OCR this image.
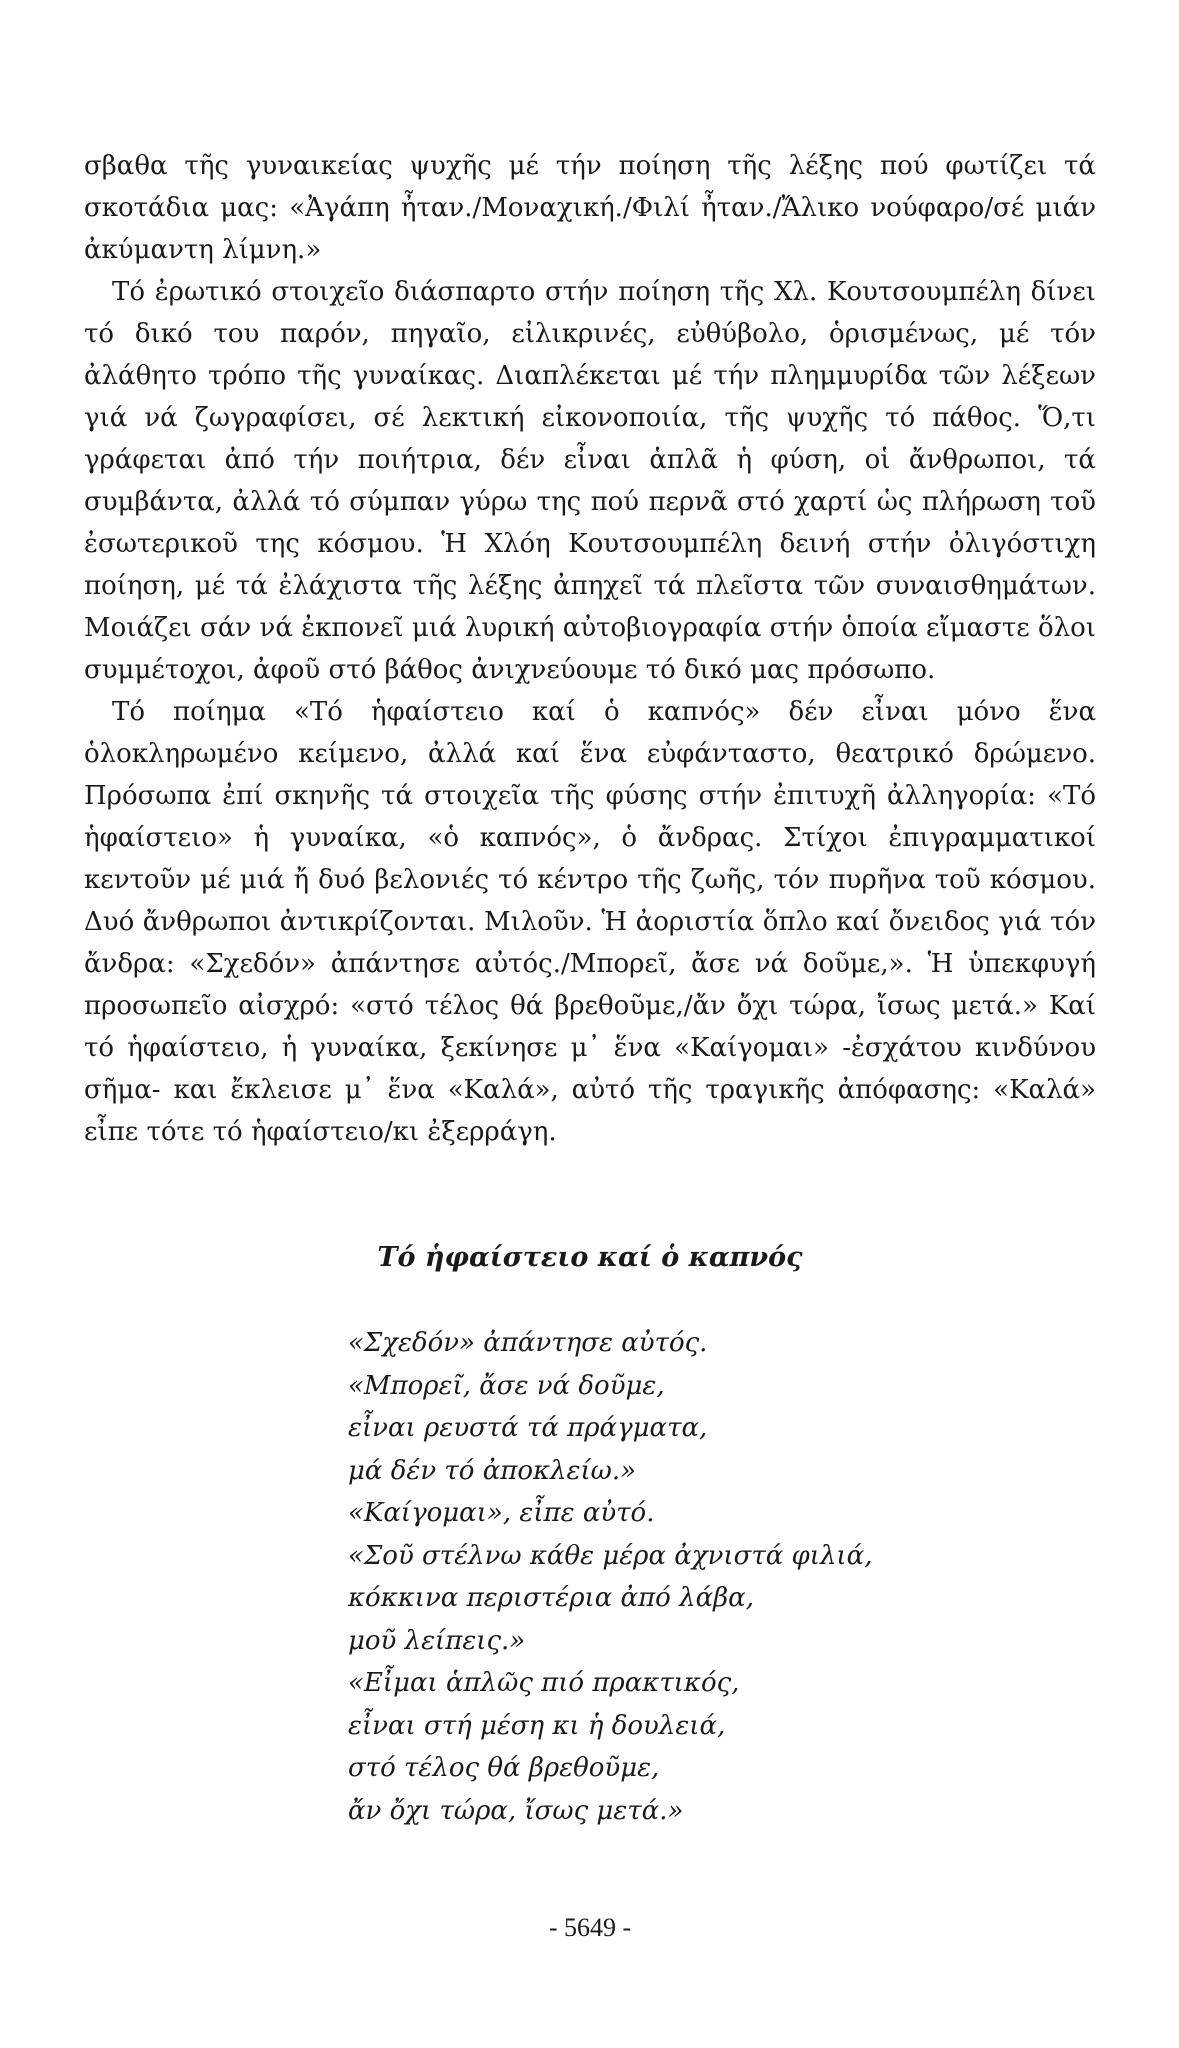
σβαθα τῆς γυναικείας ψυχῆς μέ τήν ποίηση τῆς λέξης πού φωτίζει τά σκοτάδια μας: «Ἀγάπη ἦταν./Μοναχική./Φιλί ἦταν./Ἄλικο νούφαρο/σέ μιάν ἀκύμαντη λίμνη.»

Τό ἐρωτικό στοιχεῖο διάσπαρτο στήν ποίηση τῆς Χλ. Κουτσουμπέλη δίνει τό δικό του παρόν, πηγαῖο, εἰλικρινές, εὐθύβολο, ὁρισμένως, μέ τόν ἀλάθητο τρόπο τῆς γυναίκας. Διαπλέκεται μέ τήν πλημμυρίδα τῶν λέξεων γιά νά ζωγραφίσει, σέ λεκτική εἰκονοποιία, τῆς ψυχῆς τό πάθος. Ὅ,τι γράφεται ἀπό τήν ποιήτρια, δέν εἶναι ἁπλᾶ ἡ φύση, οἱ ἄνθρωποι, τά συμβάντα, ἀλλά τό σύμπαν γύρω της πού περνᾶ στό χαρτί ὡς πλήρωση τοῦ ἐσωτερικοῦ της κόσμου. Ἡ Χλόη Κουτσουμπέλη δεινή στήν ὀλιγόστιχη ποίηση, μέ τά ἐλάχιστα τῆς λέξης ἀπηχεῖ τά πλεῖστα τῶν συναισθημάτων. Μοιάζει σάν νά ἐκπονεῖ μιά λυρική αὐτοβιογραφία στήν ὁποία εἴμαστε ὅλοι συμμέτοχοι, ἀφοῦ στό βάθος ἀνιχνεύουμε τό δικό μας πρόσωπο.

Τό ποίημα «Τό ἡφαίστειο καί ὁ καπνός» δέν εἶναι μόνο ἕνα ὁλοκληρωμένο κείμενο, ἀλλά καί ἕνα εὐφάνταστο, θεατρικό δρώμενο. Πρόσωπα ἐπί σκηνῆς τά στοιχεῖα τῆς φύσης στήν ἐπιτυχῆ ἀλληγορία: «Τό ἡφαίστειο» ἡ γυναίκα, «ὁ καπνός», ὁ ἄνδρας. Στίχοι ἐπιγραμματικοί κεντοῦν μέ μιά ἤ δυό βελονιές τό κέντρο τῆς ζωῆς, τόν πυρῆνα τοῦ κόσμου. Δυό ἄνθρωποι ἀντικρίζονται. Μιλοῦν. Ἡ ἀοριστία ὅπλο καί ὄνειδος γιά τόν ἄνδρα: «Σχεδόν» ἀπάντησε αὐτός./Μπορεῖ, ἄσε νά δοῦμε,». Ἡ ὑπεκφυγή προσωπεῖο αἰσχρό: «στό τέλος θά βρεθοῦμε,/ἄν ὄχι τώρα, ἴσως μετά.» Καί τό ἡφαίστειο, ἡ γυναίκα, ξεκίνησε μ᾿ ἕνα «Καίγομαι» -ἐσχάτου κινδύνου σῆμα- και ἔκλεισε μ᾿ ἕνα «Καλά», αὐτό τῆς τραγικῆς ἀπόφασης: «Καλά» εἶπε τότε τό ἡφαίστειο/κι ἐξερράγη.

Τό ἡφαίστειο καί ὁ καπνός
«Σχεδόν» ἀπάντησε αὐτός.
«Μπορεῖ, ἄσε νά δοῦμε,
εἶναι ρευστά τά πράγματα,
μά δέν τό ἀποκλείω.»
«Καίγομαι», εἶπε αὐτό.
«Σοῦ στέλνω κάθε μέρα ἀχνιστά φιλιά,
κόκκινα περιστέρια ἀπό λάβα,
μοῦ λείπεις.»
«Εἶμαι ἁπλῶς πιό πρακτικός,
εἶναι στή μέση κι ἡ δουλειά,
στό τέλος θά βρεθοῦμε,
ἄν ὄχι τώρα, ἴσως μετά.»
- 5649 -
